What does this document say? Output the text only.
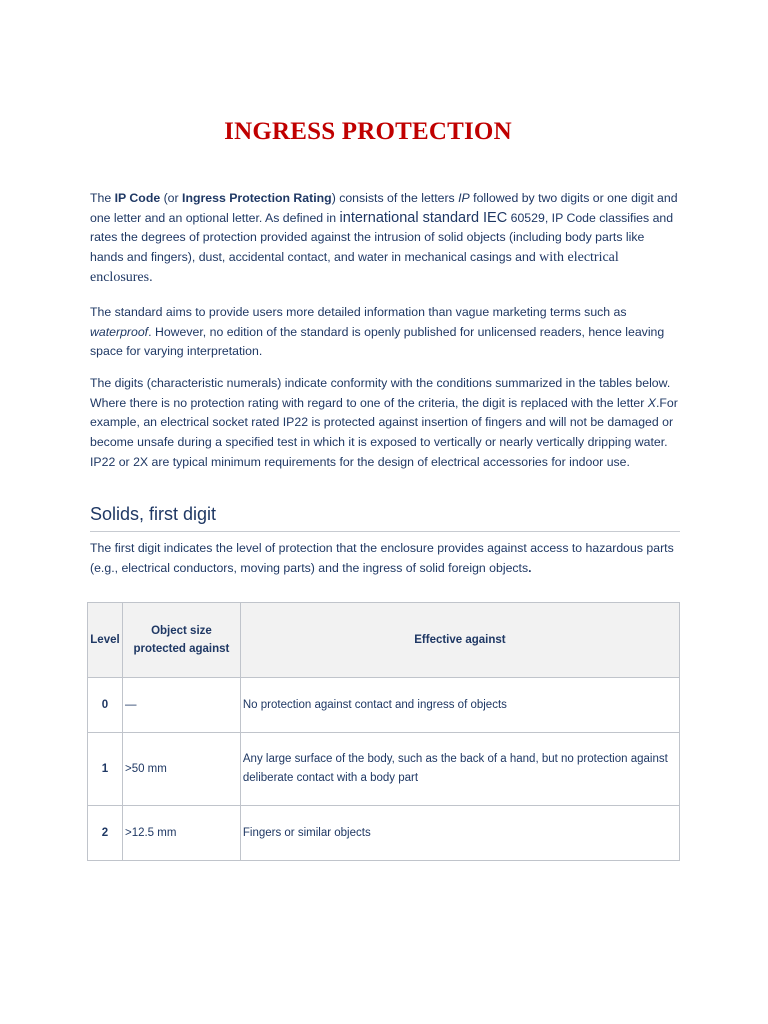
INGRESS PROTECTION
The IP Code (or Ingress Protection Rating) consists of the letters IP followed by two digits or one digit and one letter and an optional letter. As defined in international standard IEC 60529, IP Code classifies and rates the degrees of protection provided against the intrusion of solid objects (including body parts like hands and fingers), dust, accidental contact, and water in mechanical casings and with electrical enclosures.
The standard aims to provide users more detailed information than vague marketing terms such as waterproof. However, no edition of the standard is openly published for unlicensed readers, hence leaving space for varying interpretation.
The digits (characteristic numerals) indicate conformity with the conditions summarized in the tables below. Where there is no protection rating with regard to one of the criteria, the digit is replaced with the letter X.For example, an electrical socket rated IP22 is protected against insertion of fingers and will not be damaged or become unsafe during a specified test in which it is exposed to vertically or nearly vertically dripping water. IP22 or 2X are typical minimum requirements for the design of electrical accessories for indoor use.
Solids, first digit
The first digit indicates the level of protection that the enclosure provides against access to hazardous parts (e.g., electrical conductors, moving parts) and the ingress of solid foreign objects.
Level	Object size protected against	Effective against
0	—	No protection against contact and ingress of objects
1	>50 mm	Any large surface of the body, such as the back of a hand, but no protection against deliberate contact with a body part
2	>12.5 mm	Fingers or similar objects
